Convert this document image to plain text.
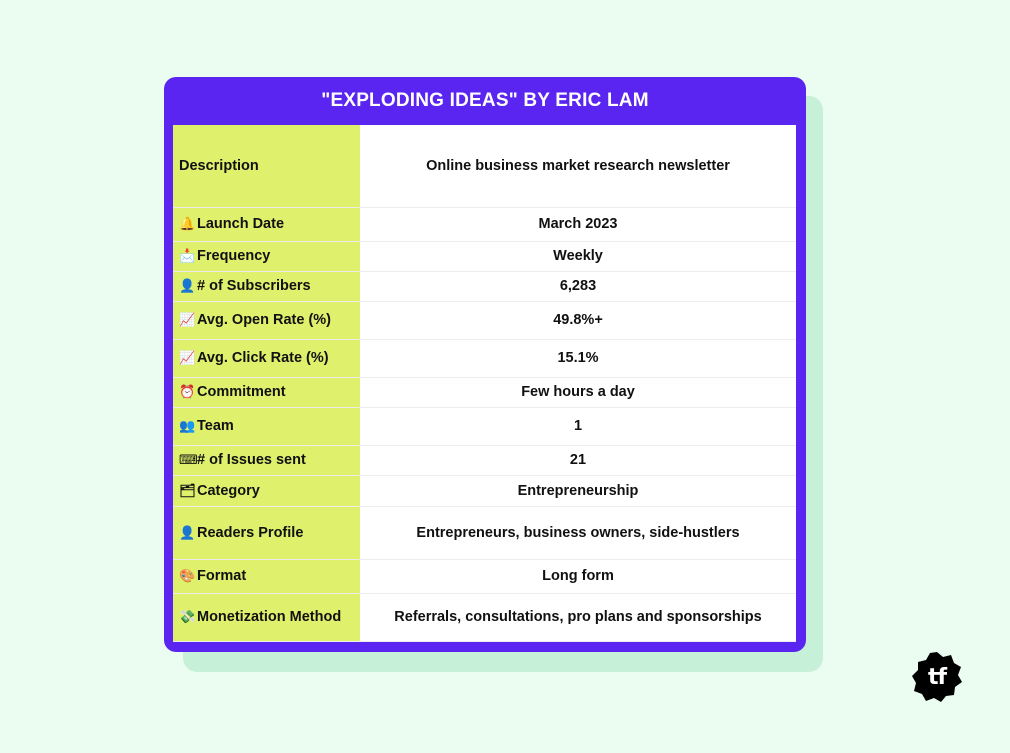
"EXPLODING IDEAS" BY ERIC LAM
Description	Online business market research newsletter
🔔Launch Date	March 2023
📩Frequency	Weekly
👤# of Subscribers	6,283
📈Avg. Open Rate (%)	49.8%+
📈Avg. Click Rate (%)	15.1%
⏰Commitment	Few hours a day
👥Team	1
⌨# of Issues sent	21
🗂Category	Entrepreneurship
👤Readers Profile	Entrepreneurs, business owners, side-hustlers
🎨Format	Long form
💸Monetization Method	Referrals, consultations, pro plans and sponsorships
tf
